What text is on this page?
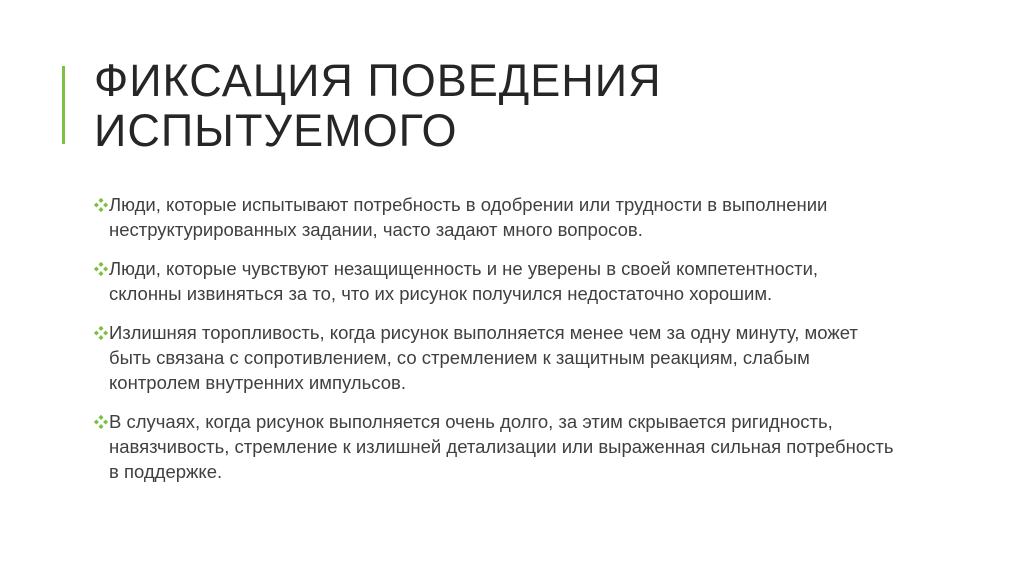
ФИКСАЦИЯ ПОВЕДЕНИЯ
ИСПЫТУЕМОГО
Люди, которые испытывают потребность в одобрении или трудности в выполнении неструктурированных задании, часто задают много вопросов.
Люди, которые чувствуют незащищенность и не уверены в своей компетентности, склонны извиняться за то, что их рисунок получился недостаточно хорошим.
Излишняя торопливость, когда рисунок выполняется менее чем за одну минуту, может быть связана с сопротивлением, со стремлением к защитным реакциям, слабым контролем внутренних импульсов.
В случаях, когда рисунок выполняется очень долго, за этим скрывается ригидность, навязчивость, стремление к излишней детализации или выраженная сильная потребность в поддержке.
